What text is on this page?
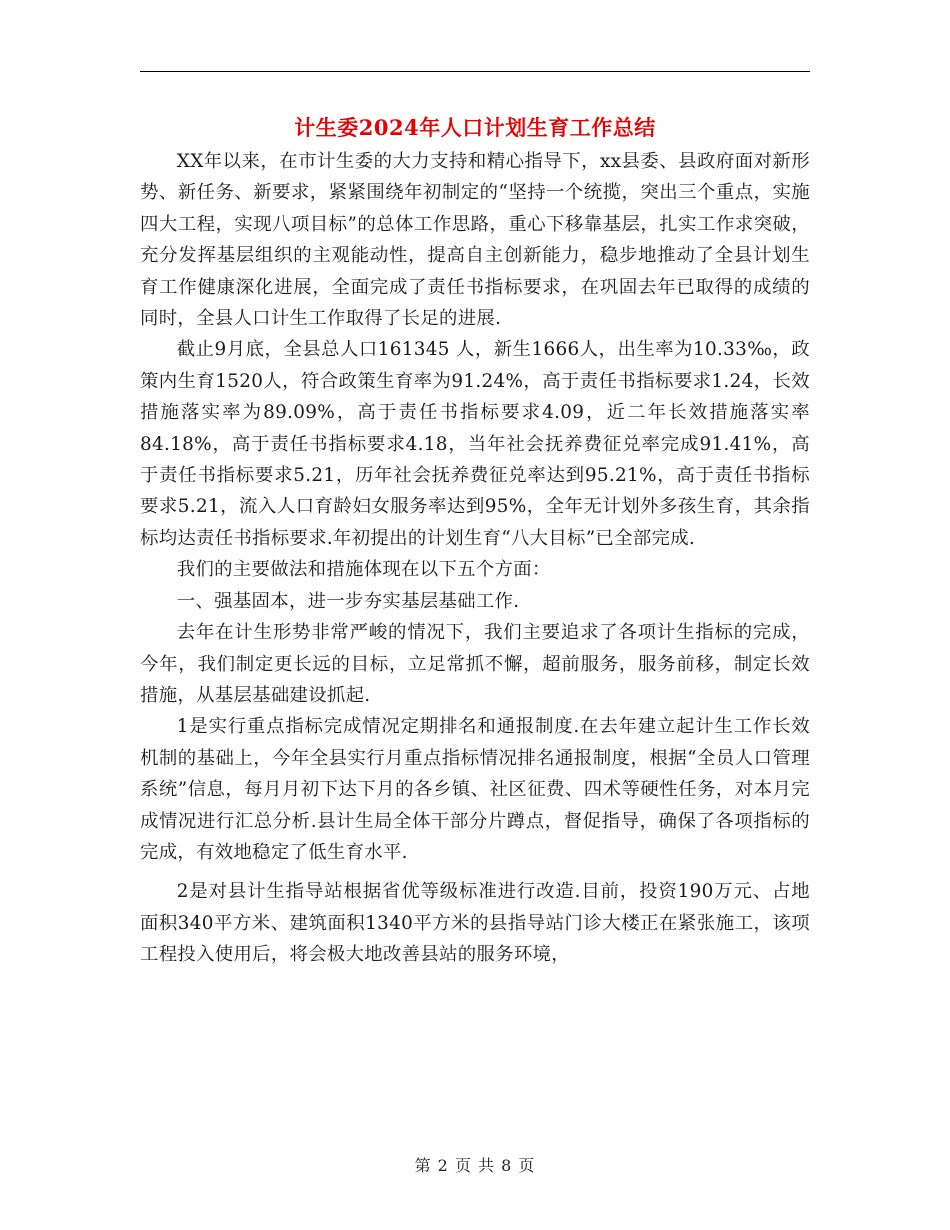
计生委2024年人口计划生育工作总结

XX年以来，在市计生委的大力支持和精心指导下，xx县委、县政府面对新形势、新任务、新要求，紧紧围绕年初制定的“坚持一个统揽，突出三个重点，实施四大工程，实现八项目标”的总体工作思路，重心下移靠基层，扎实工作求突破，充分发挥基层组织的主观能动性，提高自主创新能力，稳步地推动了全县计划生育工作健康深化进展，全面完成了责任书指标要求，在巩固去年已取得的成绩的同时，全县人口计生工作取得了长足的进展.

截止9月底，全县总人口161345 人，新生1666人，出生率为10.33‰，政策内生育1520人，符合政策生育率为91.24%，高于责任书指标要求1.24，长效措施落实率为89.09%，高于责任书指标要求4.09，近二年长效措施落实率84.18%，高于责任书指标要求4.18，当年社会抚养费征兑率完成91.41%，高于责任书指标要求5.21，历年社会抚养费征兑率达到95.21%，高于责任书指标要求5.21，流入人口育龄妇女服务率达到95%，全年无计划外多孩生育，其余指标均达责任书指标要求.年初提出的计划生育“八大目标”已全部完成.

我们的主要做法和措施体现在以下五个方面：

一、强基固本，进一步夯实基层基础工作.

去年在计生形势非常严峻的情况下，我们主要追求了各项计生指标的完成，今年，我们制定更长远的目标，立足常抓不懈，超前服务，服务前移，制定长效措施，从基层基础建设抓起.

1是实行重点指标完成情况定期排名和通报制度.在去年建立起计生工作长效机制的基础上，今年全县实行月重点指标情况排名通报制度，根据“全员人口管理系统”信息，每月月初下达下月的各乡镇、社区征费、四术等硬性任务，对本月完成情况进行汇总分析.县计生局全体干部分片蹲点，督促指导，确保了各项指标的完成，有效地稳定了低生育水平.

2是对县计生指导站根据省优等级标准进行改造.目前，投资190万元、占地面积340平方米、建筑面积1340平方米的县指导站门诊大楼正在紧张施工，该项工程投入使用后，将会极大地改善县站的服务环境，

第 2 页 共 8 页
